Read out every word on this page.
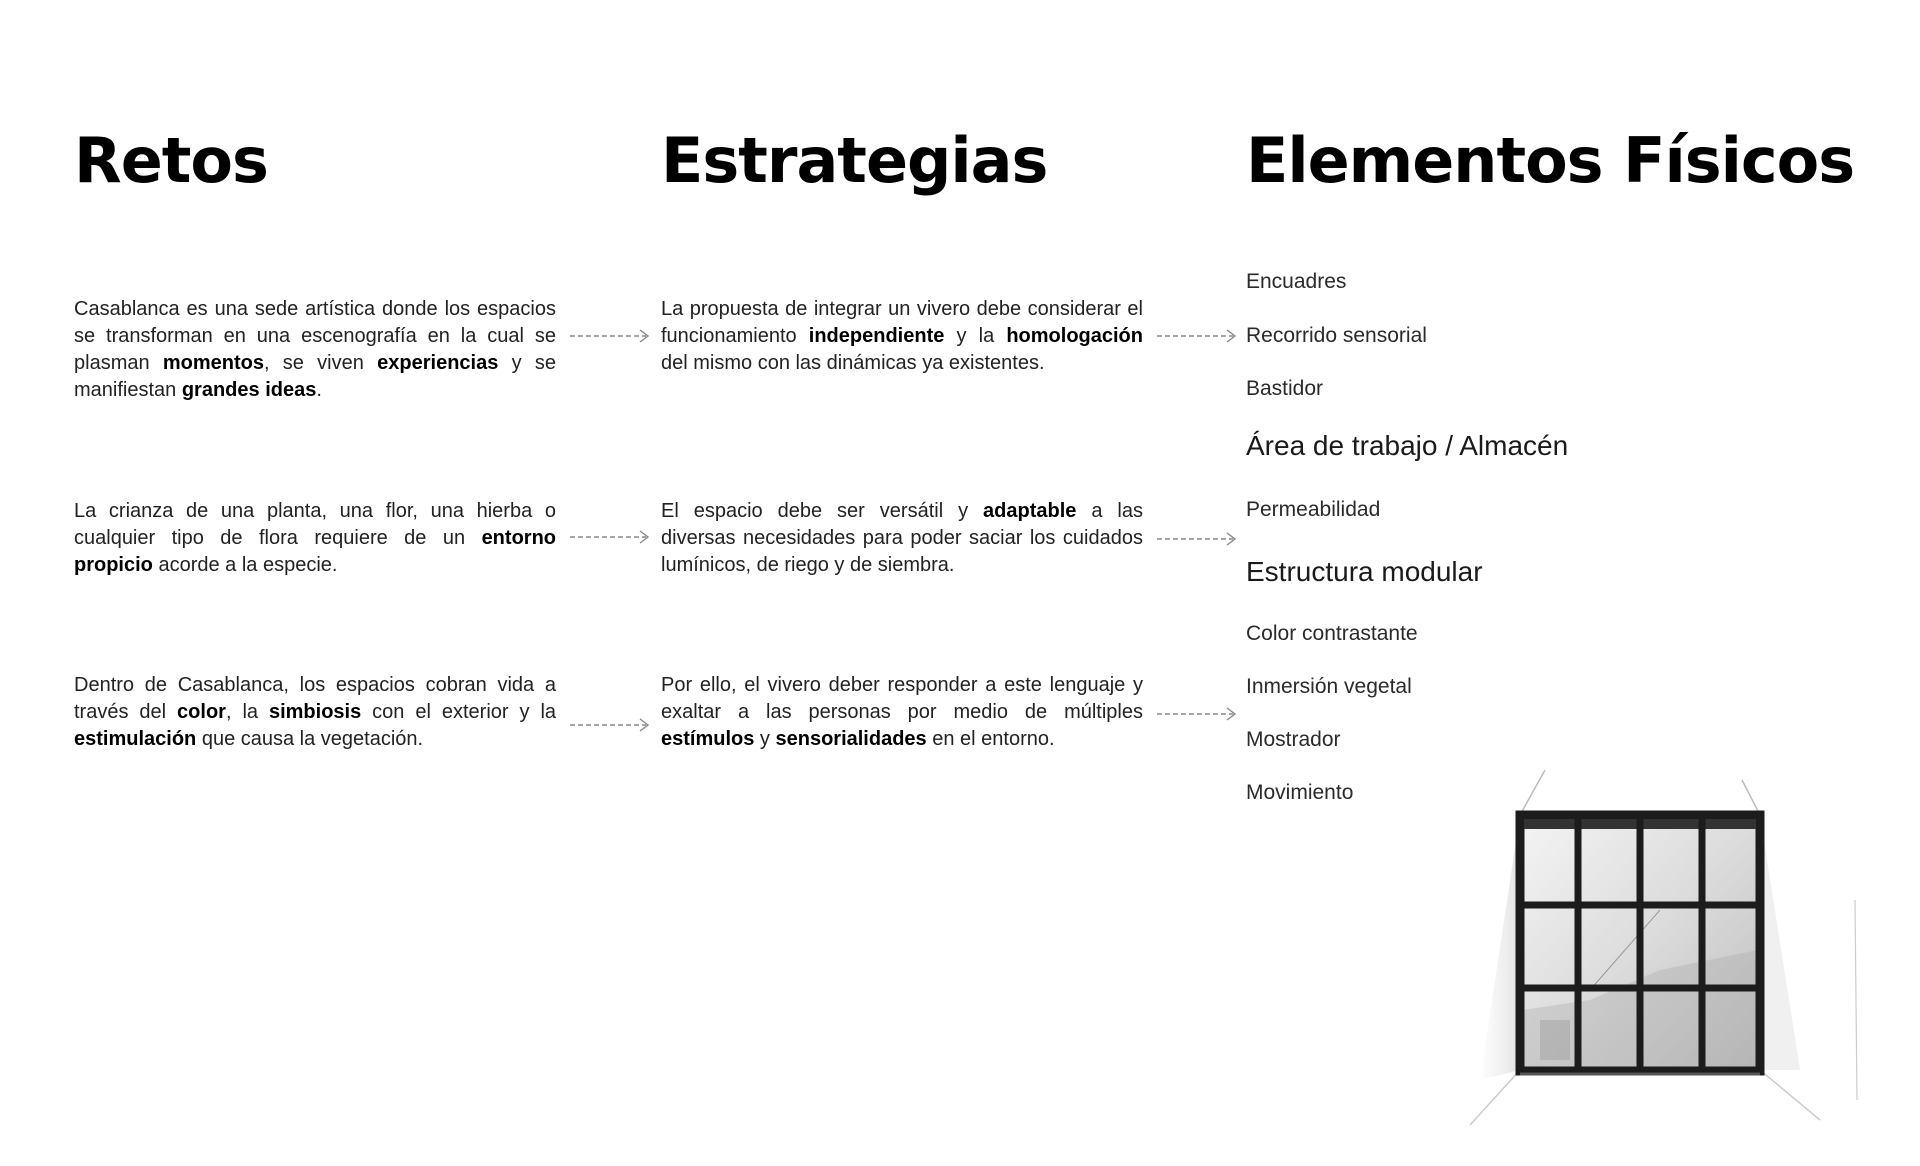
Retos	Estrategias	Elementos Físicos

Casablanca es una sede artística donde los espacios se transforman en una escenografía en la cual se plasman momentos, se viven experiencias y se manifiestan grandes ideas.

La crianza de una planta, una flor, una hierba o cualquier tipo de flora requiere de un entorno propicio acorde a la especie.

Dentro de Casablanca, los espacios cobran vida a través del color, la simbiosis con el exterior y la estimulación que causa la vegetación.

La propuesta de integrar un vivero debe considerar el funcionamiento independiente y la homologación del mismo con las dinámicas ya existentes.

El espacio debe ser versátil y adaptable a las diversas necesidades para poder saciar los cuidados lumínicos, de riego y de siembra.

Por ello, el vivero deber responder a este lenguaje y exaltar a las personas por medio de múltiples estímulos y sensorialidades en el entorno.

Encuadres

Recorrido sensorial

Bastidor

Área de trabajo / Almacén

Permeabilidad

Estructura modular

Color contrastante

Inmersión vegetal

Mostrador

Movimiento
